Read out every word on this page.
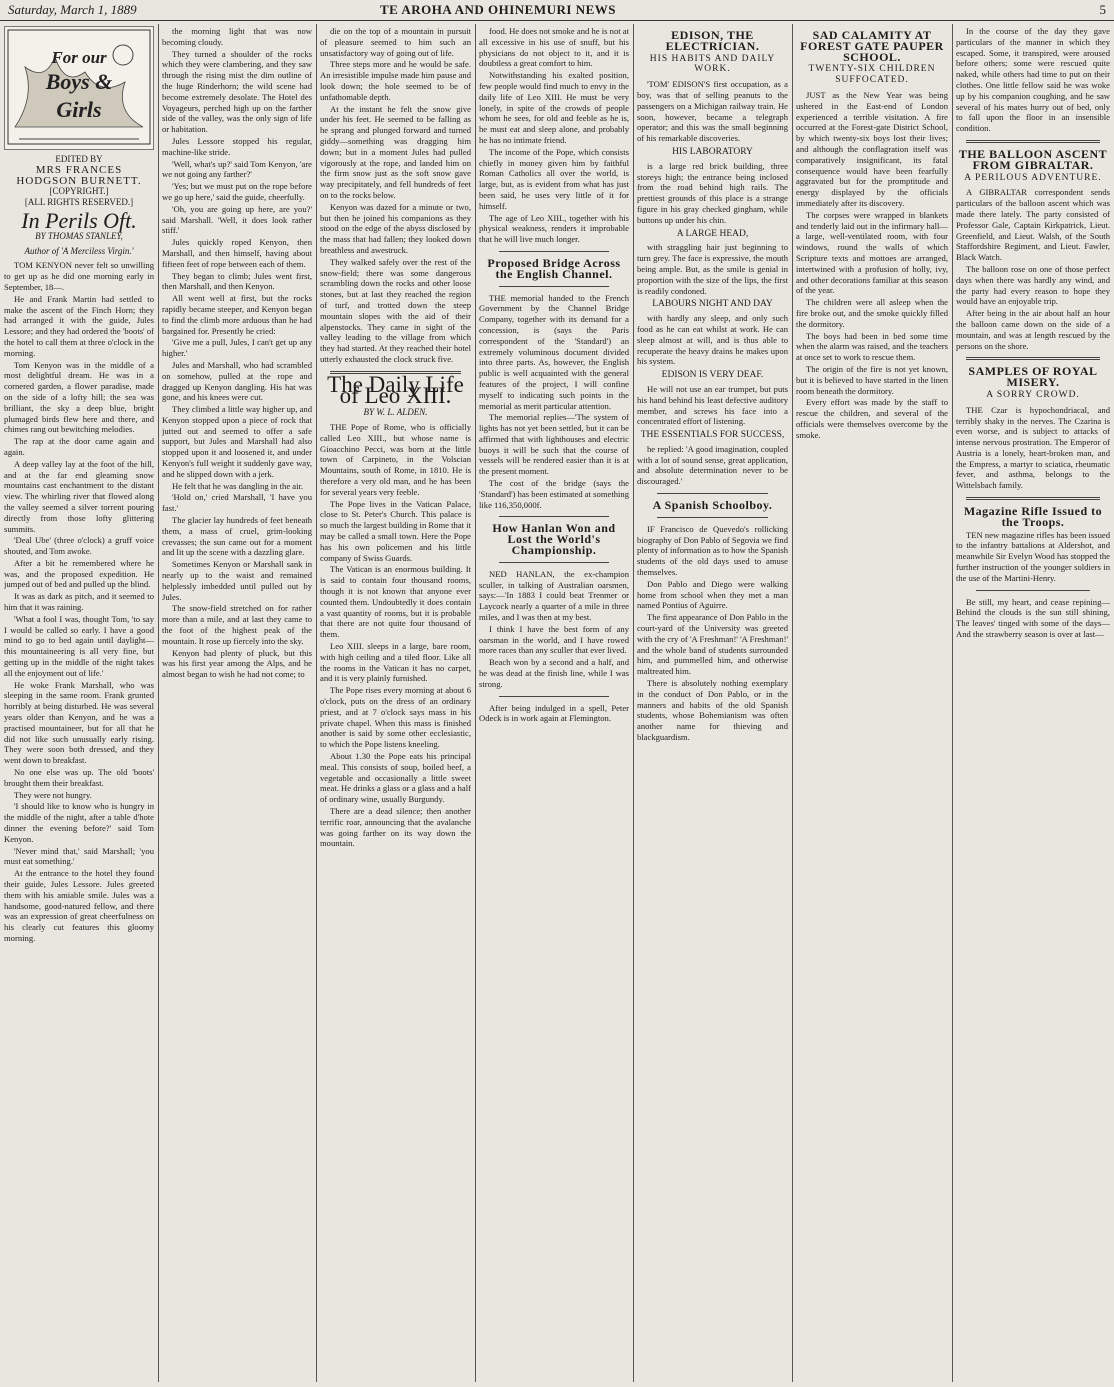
Saturday, March 1, 1889	TE AROHA AND OHINEMURI NEWS	5
For our
Boys &
Girls
EDITED BY
MRS FRANCES HODGSON BURNETT.
[COPYRIGHT.]
[ALL RIGHTS RESERVED.]
In Perils Oft.
BY THOMAS STANLEY,
Author of 'A Merciless Virgin.'

TOM KENYON never felt so unwilling to get up as he did one morning early in September, 18—.

He and Frank Martin had settled to make the ascent of the Finch Horn; they had arranged it with the guide, Jules Lessore; and they had ordered the 'boots' of the hotel to call them at three o'clock in the morning.

Tom Kenyon was in the middle of a most delightful dream. He was in a cornered garden, a flower paradise, made on the side of a lofty hill; the sea was brilliant, the sky a deep blue, bright plumaged birds flew here and there, and chimes rang out bewitching melodies.

The rap at the door came again and again.

A deep valley lay at the foot of the hill, and at the far end gleaming snow mountains cast enchantment to the distant view. The whirling river that flowed along the valley seemed a silver torrent pouring directly from those lofty glittering summits.

'Deal Ube' (three o'clock) a gruff voice shouted, and Tom awoke.

After a bit he remembered where he was, and the proposed expedition. He jumped out of bed and pulled up the blind.

It was as dark as pitch, and it seemed to him that it was raining.

'What a fool I was, thought Tom, 'to say I would be called so early. I have a good mind to go to bed again until daylight—this mountaineering is all very fine, but getting up in the middle of the night takes all the enjoyment out of life.'

He woke Frank Marshall, who was sleeping in the same room. Frank grunted horribly at being disturbed. He was several years older than Kenyon, and he was a practised mountaineer, but for all that he did not like such unusually early rising. They were soon both dressed, and they went down to breakfast.

No one else was up. The old 'boots' brought them their breakfast.

They were not hungry.

'I should like to know who is hungry in the middle of the night, after a table d'hote dinner the evening before?' said Tom Kenyon.

'Never mind that,' said Marshall; 'you must eat something.'

At the entrance to the hotel they found their guide, Jules Lessore. Jules greeted them with his amiable smile. Jules was a handsome, good-natured fellow, and there was an expression of great cheerfulness on his clearly cut features this gloomy morning.

the morning light that was now becoming cloudy.

They turned a shoulder of the rocks which they were clambering, and they saw through the rising mist the dim outline of the huge Rinderhorn; the wild scene had become extremely desolate. The Hotel des Voyageurs, perched high up on the farther side of the valley, was the only sign of life or habitation.

Jules Lessore stopped his regular, machine-like stride.

'Well, what's up?' said Tom Kenyon, 'are we not going any farther?'

'Yes; but we must put on the rope before we go up here,' said the guide, cheerfully.

'Oh, you are going up here, are you?' said Marshall. 'Well, it does look rather stiff.'

Jules quickly roped Kenyon, then Marshall, and then himself, having about fifteen feet of rope between each of them.

They began to climb; Jules went first, then Marshall, and then Kenyon.

All went well at first, but the rocks rapidly became steeper, and Kenyon began to find the climb more arduous than he had bargained for. Presently he cried:

'Give me a pull, Jules, I can't get up any higher.'

Jules and Marshall, who had scrambled on somehow, pulled at the rope and dragged up Kenyon dangling. His hat was gone, and his knees were cut.

They climbed a little way higher up, and Kenyon stopped upon a piece of rock that jutted out and seemed to offer a safe support, but Jules and Marshall had also stopped upon it and loosened it, and under Kenyon's full weight it suddenly gave way, and he slipped down with a jerk.

He felt that he was dangling in the air.

'Hold on,' cried Marshall, 'I have you fast.'

The glacier lay hundreds of feet beneath them, a mass of cruel, grim-looking crevasses; the sun came out for a moment and lit up the scene with a dazzling glare.

Sometimes Kenyon or Marshall sank in nearly up to the waist and remained helplessly imbedded until pulled out by Jules.

The snow-field stretched on for rather more than a mile, and at last they came to the foot of the highest peak of the mountain. It rose up fiercely into the sky.

Kenyon had plenty of pluck, but this was his first year among the Alps, and he almost began to wish he had not come; to

die on the top of a mountain in pursuit of pleasure seemed to him such an unsatisfactory way of going out of life.

Three steps more and he would be safe. An irresistible impulse made him pause and look down; the hole seemed to be of unfathomable depth.

At the instant he felt the snow give under his feet. He seemed to be falling as he sprang and plunged forward and turned giddy—something was dragging him down; but in a moment Jules had pulled vigorously at the rope, and landed him on the firm snow just as the soft snow gave way precipitately, and fell hundreds of feet on to the rocks below.

Kenyon was dazed for a minute or two, but then he joined his companions as they stood on the edge of the abyss disclosed by the mass that had fallen; they looked down breathless and awestruck.

They walked safely over the rest of the snow-field; there was some dangerous scrambling down the rocks and other loose stones, but at last they reached the region of turf, and trotted down the steep mountain slopes with the aid of their alpenstocks. They came in sight of the valley leading to the village from which they had started. At they reached their hotel utterly exhausted the clock struck five.

The Daily Life of Leo XIII.
BY W. L. ALDEN.

THE Pope of Rome, who is officially called Leo XIII., but whose name is Gioacchino Pecci, was born at the little town of Carpineto, in the Volscian Mountains, south of Rome, in 1810. He is therefore a very old man, and he has been for several years very feeble.

The Pope lives in the Vatican Palace, close to St. Peter's Church. This palace is so much the largest building in Rome that it may be called a small town. Here the Pope has his own policemen and his little company of Swiss Guards.

The Vatican is an enormous building. It is said to contain four thousand rooms, though it is not known that anyone ever counted them. Undoubtedly it does contain a vast quantity of rooms, but it is probable that there are not quite four thousand of them.

Leo XIII. sleeps in a large, bare room, with high ceiling and a tiled floor. Like all the rooms in the Vatican it has no carpet, and it is very plainly furnished.

The Pope rises every morning at about 6 o'clock, puts on the dress of an ordinary priest, and at 7 o'clock says mass in his private chapel. When this mass is finished another is said by some other ecclesiastic, to which the Pope listens kneeling.

About 1.30 the Pope eats his principal meal. This consists of soup, boiled beef, a vegetable and occasionally a little sweet meat. He drinks a glass or a glass and a half of ordinary wine, usually Burgundy.

There are a dead silence; then another terrific roar, announcing that the avalanche was going farther on its way down the mountain.

food. He does not smoke and he is not at all excessive in his use of snuff, but his physicians do not object to it, and it is doubtless a great comfort to him.

Notwithstanding his exalted position, few people would find much to envy in the daily life of Leo XIII. He must be very lonely, in spite of the crowds of people whom he sees, for old and feeble as he is, he must eat and sleep alone, and probably he has no intimate friend.

The income of the Pope, which consists chiefly in money given him by faithful Roman Catholics all over the world, is large, but, as is evident from what has just been said, he uses very little of it for himself.

The age of Leo XIII., together with his physical weakness, renders it improbable that he will live much longer.

Proposed Bridge Across the English Channel.

THE memorial handed to the French Government by the Channel Bridge Company, together with its demand for a concession, is (says the Paris correspondent of the 'Standard') an extremely voluminous document divided into three parts. As, however, the English public is well acquainted with the general features of the project, I will confine myself to indicating such points in the memorial as merit particular attention.

The memorial replies—'The system of lights has not yet been settled, but it can be affirmed that with lighthouses and electric buoys it will be such that the course of vessels will be rendered easier than it is at the present moment.

The cost of the bridge (says the 'Standard') has been estimated at something like 116,350,000f.

How Hanlan Won and Lost the World's Championship.

NED HANLAN, the ex-champion sculler, in talking of Australian oarsmen, says:—'In 1883 I could beat Trenmer or Laycock nearly a quarter of a mile in three miles, and I was then at my best.

I think I have the best form of any oarsman in the world, and I have rowed more races than any sculler that ever lived.

Beach won by a second and a half, and he was dead at the finish line, while I was strong.

After being indulged in a spell, Peter Odeck is in work again at Flemington.

EDISON, THE ELECTRICIAN.
HIS HABITS AND DAILY WORK.

'TOM' EDISON'S first occupation, as a boy, was that of selling peanuts to the passengers on a Michigan railway train. He soon, however, became a telegraph operator; and this was the small beginning of his remarkable discoveries.

HIS LABORATORY

is a large red brick building, three storeys high; the entrance being inclosed from the road behind high rails. The prettiest grounds of this place is a strange figure in his gray checked gingham, while buttons up under his chin.

A LARGE HEAD,

with straggling hair just beginning to turn grey. The face is expressive, the mouth being ample. But, as the smile is genial in proportion with the size of the lips, the first is readily condoned.

LABOURS NIGHT AND DAY

with hardly any sleep, and only such food as he can eat whilst at work. He can sleep almost at will, and is thus able to recuperate the heavy drains he makes upon his system.

EDISON IS VERY DEAF.

He will not use an ear trumpet, but puts his hand behind his least defective auditory member, and screws his face into a concentrated effort of listening.

THE ESSENTIALS FOR SUCCESS,

he replied: 'A good imagination, coupled with a lot of sound sense, great application, and absolute determination never to be discouraged.'

A Spanish Schoolboy.

IF Francisco de Quevedo's rollicking biography of Don Pablo of Segovia we find plenty of information as to how the Spanish students of the old days used to amuse themselves.

Don Pablo and Diego were walking home from school when they met a man named Pontius of Aguirre.

The first appearance of Don Pablo in the court-yard of the University was greeted with the cry of 'A Freshman!' 'A Freshman!' and the whole band of students surrounded him, and pummelled him, and otherwise maltreated him.

There is absolutely nothing exemplary in the conduct of Don Pablo, or in the manners and habits of the old Spanish students, whose Bohemianism was often another name for thieving and blackguardism.

SAD CALAMITY AT FOREST GATE PAUPER SCHOOL.
TWENTY-SIX CHILDREN SUFFOCATED.

JUST as the New Year was being ushered in the East-end of London experienced a terrible visitation. A fire occurred at the Forest-gate District School, by which twenty-six boys lost their lives; and although the conflagration itself was comparatively insignificant, its fatal consequence would have been fearfully aggravated but for the promptitude and energy displayed by the officials immediately after its discovery.

The corpses were wrapped in blankets and tenderly laid out in the infirmary hall—a large, well-ventilated room, with four windows, round the walls of which Scripture texts and mottoes are arranged, intertwined with a profusion of holly, ivy, and other decorations familiar at this season of the year.

The children were all asleep when the fire broke out, and the smoke quickly filled the dormitory.

The boys had been in bed some time when the alarm was raised, and the teachers at once set to work to rescue them.

The origin of the fire is not yet known, but it is believed to have started in the linen room beneath the dormitory.

Every effort was made by the staff to rescue the children, and several of the officials were themselves overcome by the smoke.

In the course of the day they gave particulars of the manner in which they escaped. Some, it transpired, were aroused before others; some were rescued quite naked, while others had time to put on their clothes. One little fellow said he was woke up by his companion coughing, and he saw several of his mates hurry out of bed, only to fall upon the floor in an insensible condition.

THE BALLOON ASCENT FROM GIBRALTAR.
A PERILOUS ADVENTURE.

A GIBRALTAR correspondent sends particulars of the balloon ascent which was made there lately. The party consisted of Professor Gale, Captain Kirkpatrick, Lieut. Greenfield, and Lieut. Walsh, of the South Staffordshire Regiment, and Lieut. Fawler, Black Watch.

The balloon rose on one of those perfect days when there was hardly any wind, and the party had every reason to hope they would have an enjoyable trip.

After being in the air about half an hour the balloon came down on the side of a mountain, and was at length rescued by the persons on the shore.

SAMPLES OF ROYAL MISERY.
A SORRY CROWD.

THE Czar is hypochondriacal, and terribly shaky in the nerves. The Czarina is even worse, and is subject to attacks of intense nervous prostration. The Emperor of Austria is a lonely, heart-broken man, and the Empress, a martyr to sciatica, rheumatic fever, and asthma, belongs to the Wittelsbach family.

Magazine Rifle Issued to the Troops.

TEN new magazine rifles has been issued to the infantry battalions at Aldershot, and meanwhile Sir Evelyn Wood has stopped the further instruction of the younger soldiers in the use of the Martini-Henry.

Be still, my heart, and cease repining—Behind the clouds is the sun still shining, The leaves' tinged with some of the days—And the strawberry season is over at last—
